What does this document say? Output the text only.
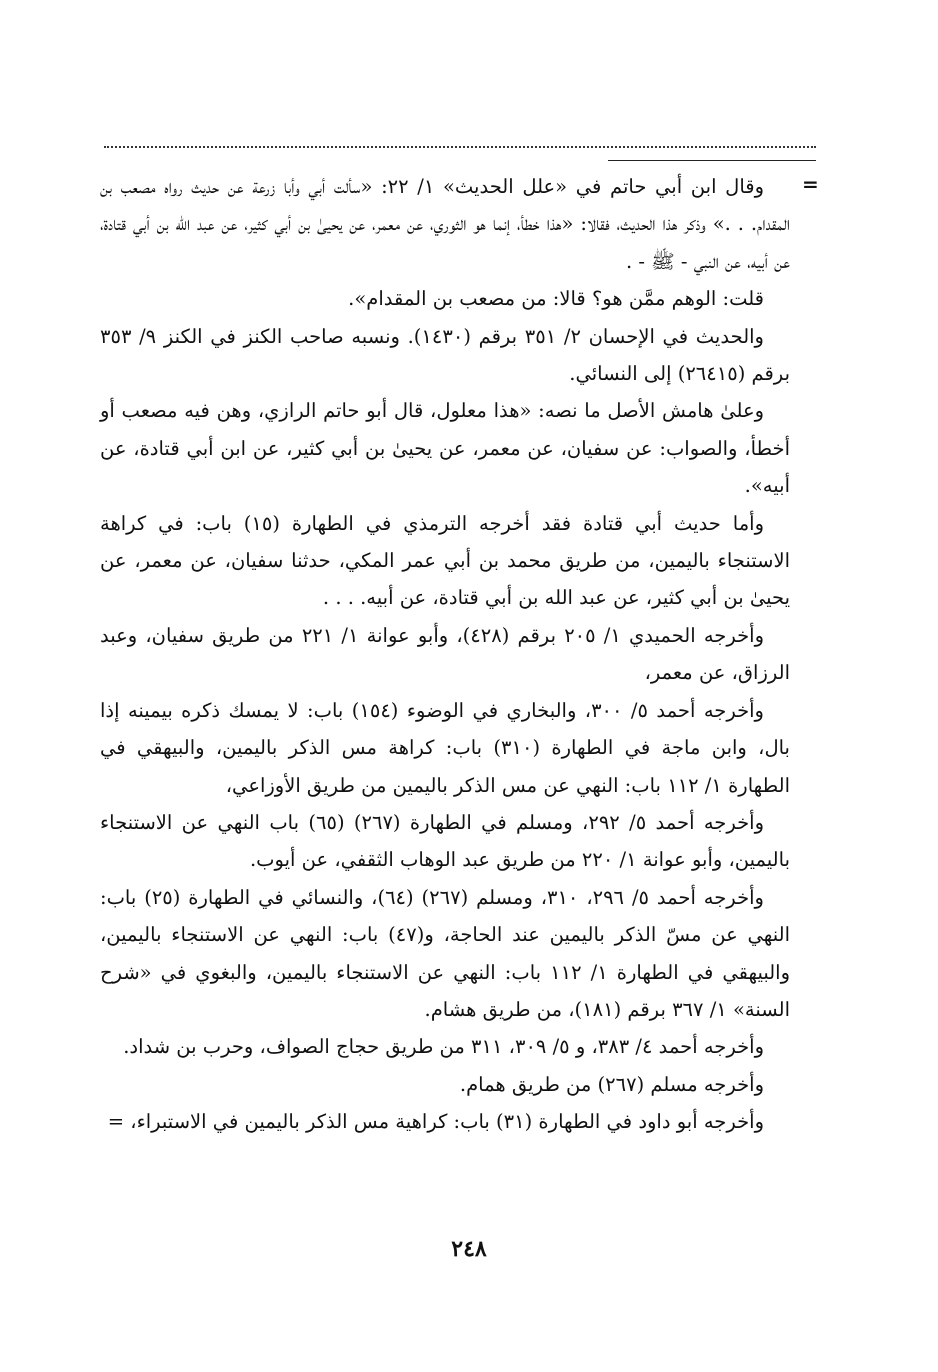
=

وقال ابن أبي حاتم في «علل الحديث» ١/ ٢٢: «سألت أبي وأبا زرعة عن حديث رواه مصعب بن المقدام. . .» وذكر هذا الحديث، فقالا: «هذا خطأ، إنما هو الثوري، عن معمر، عن يحيىٰ بن أبي كثير، عن عبد الله بن أبي قتادة، عن أبيه، عن النبي - ﷺ - .

قلت: الوهم ممَّن هو؟ قالا: من مصعب بن المقدام».

والحديث في الإحسان ٢/ ٣٥١ برقم (١٤٣٠). ونسبه صاحب الكنز في الكنز ٩/ ٣٥٣ برقم (٢٦٤١٥) إلى النسائي.

وعلىٰ هامش الأصل ما نصه: «هذا معلول، قال أبو حاتم الرازي، وهن فيه مصعب أو أخطأ، والصواب: عن سفيان، عن معمر، عن يحيىٰ بن أبي كثير، عن ابن أبي قتادة، عن أبيه».

وأما حديث أبي قتادة فقد أخرجه الترمذي في الطهارة (١٥) باب: في كراهة الاستنجاء باليمين، من طريق محمد بن أبي عمر المكي، حدثنا سفيان، عن معمر، عن يحيىٰ بن أبي كثير، عن عبد الله بن أبي قتادة، عن أبيه. . . .

وأخرجه الحميدي ١/ ٢٠٥ برقم (٤٢٨)، وأبو عوانة ١/ ٢٢١ من طريق سفيان، وعبد الرزاق، عن معمر،

وأخرجه أحمد ٥/ ٣٠٠، والبخاري في الوضوء (١٥٤) باب: لا يمسك ذكره بيمينه إذا بال، وابن ماجة في الطهارة (٣١٠) باب: كراهة مس الذكر باليمين، والبيهقي في الطهارة ١/ ١١٢ باب: النهي عن مس الذكر باليمين من طريق الأوزاعي،

وأخرجه أحمد ٥/ ٢٩٢، ومسلم في الطهارة (٢٦٧) (٦٥) باب النهي عن الاستنجاء باليمين، وأبو عوانة ١/ ٢٢٠ من طريق عبد الوهاب الثقفي، عن أيوب.

وأخرجه أحمد ٥/ ٢٩٦، ٣١٠، ومسلم (٢٦٧) (٦٤)، والنسائي في الطهارة (٢٥) باب: النهي عن مسّ الذكر باليمين عند الحاجة، و(٤٧) باب: النهي عن الاستنجاء باليمين، والبيهقي في الطهارة ١/ ١١٢ باب: النهي عن الاستنجاء باليمين، والبغوي في «شرح السنة» ١/ ٣٦٧ برقم (١٨١)، من طريق هشام.

وأخرجه أحمد ٤/ ٣٨٣، و ٥/ ٣٠٩، ٣١١ من طريق حجاج الصواف، وحرب بن شداد.

وأخرجه مسلم (٢٦٧) من طريق همام.

وأخرجه أبو داود في الطهارة (٣١) باب: كراهية مس الذكر باليمين في الاستبراء، =

٢٤٨
